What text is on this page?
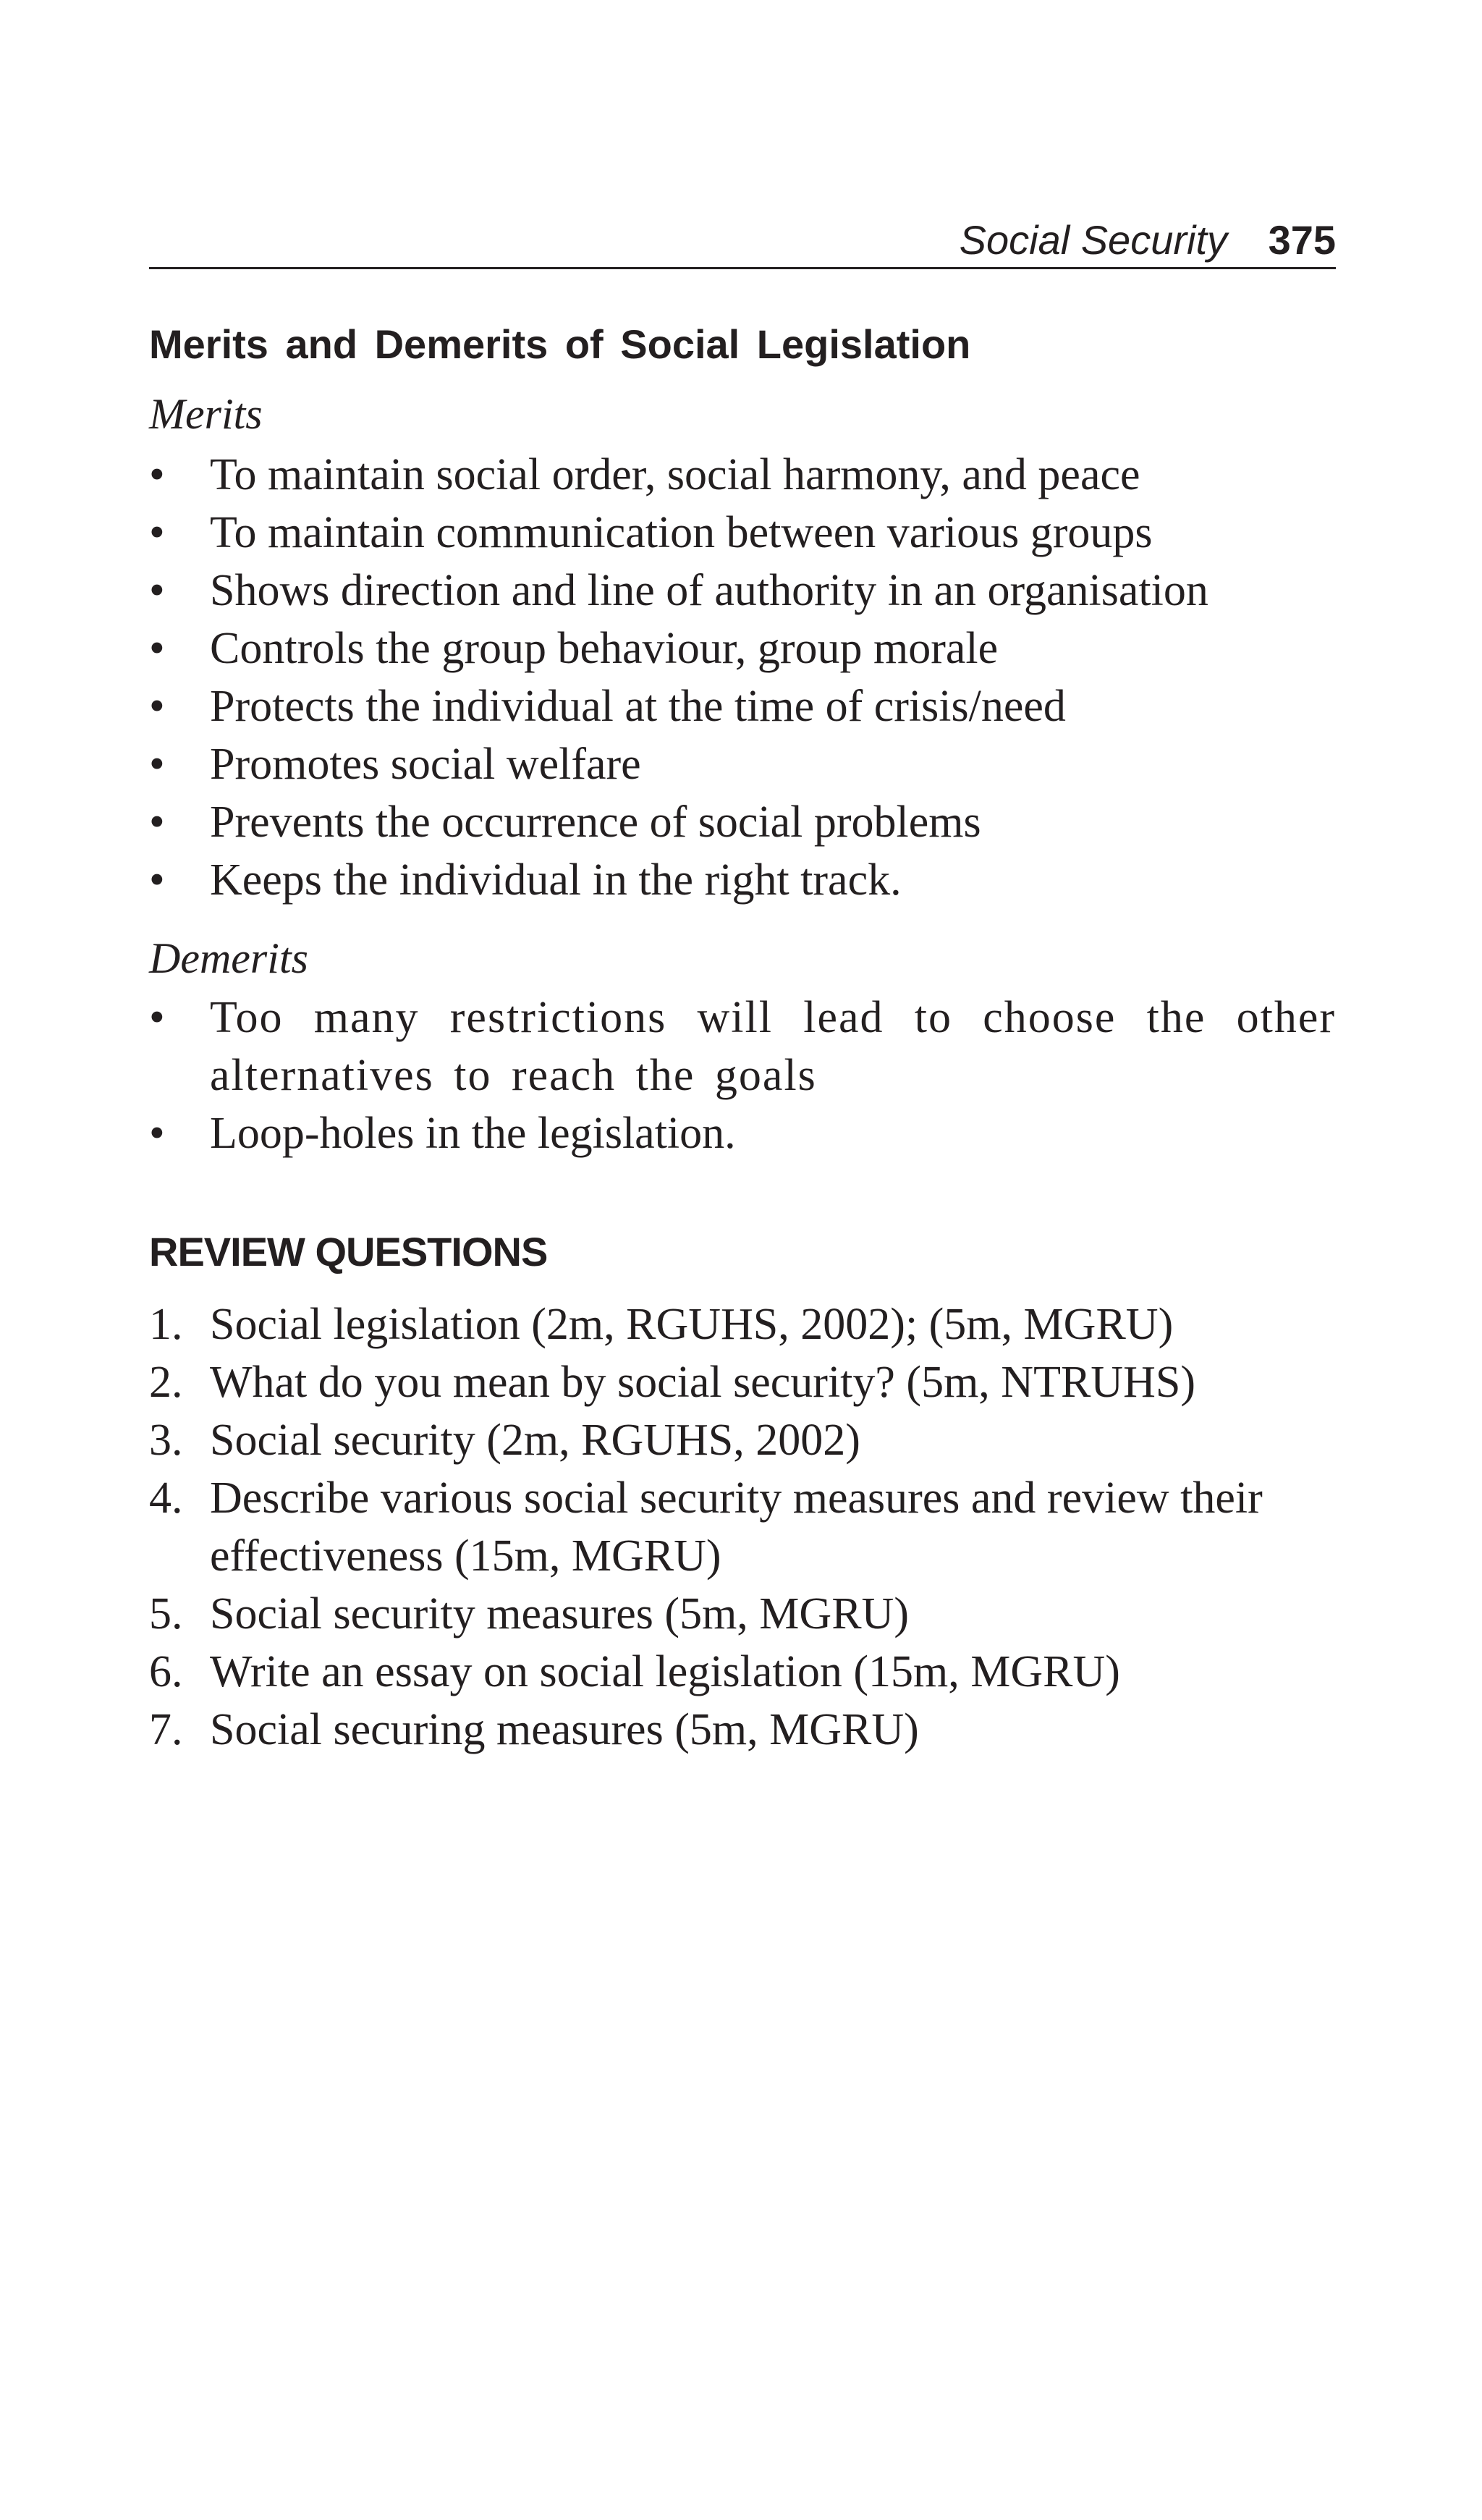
Social Security 375
Merits and Demerits of Social Legislation
Merits
•	To maintain social order, social harmony, and peace
•	To maintain communication between various groups
•	Shows direction and line of authority in an organisation
•	Controls the group behaviour, group morale
•	Protects the individual at the time of crisis/need
•	Promotes social welfare
•	Prevents the occurrence of social problems
•	Keeps the individual in the right track.
Demerits
• Too many restrictions will lead to choose the other alternatives to reach the goals
•	Loop-holes in the legislation.
REVIEW QUESTIONS
1. Social legislation (2m, RGUHS, 2002); (5m, MGRU)
2. What do you mean by social security? (5m, NTRUHS)
3. Social security (2m, RGUHS, 2002)
4. Describe various social security measures and review their effectiveness (15m, MGRU)
5. Social security measures (5m, MGRU)
6. Write an essay on social legislation (15m, MGRU)
7. Social securing measures (5m, MGRU)
